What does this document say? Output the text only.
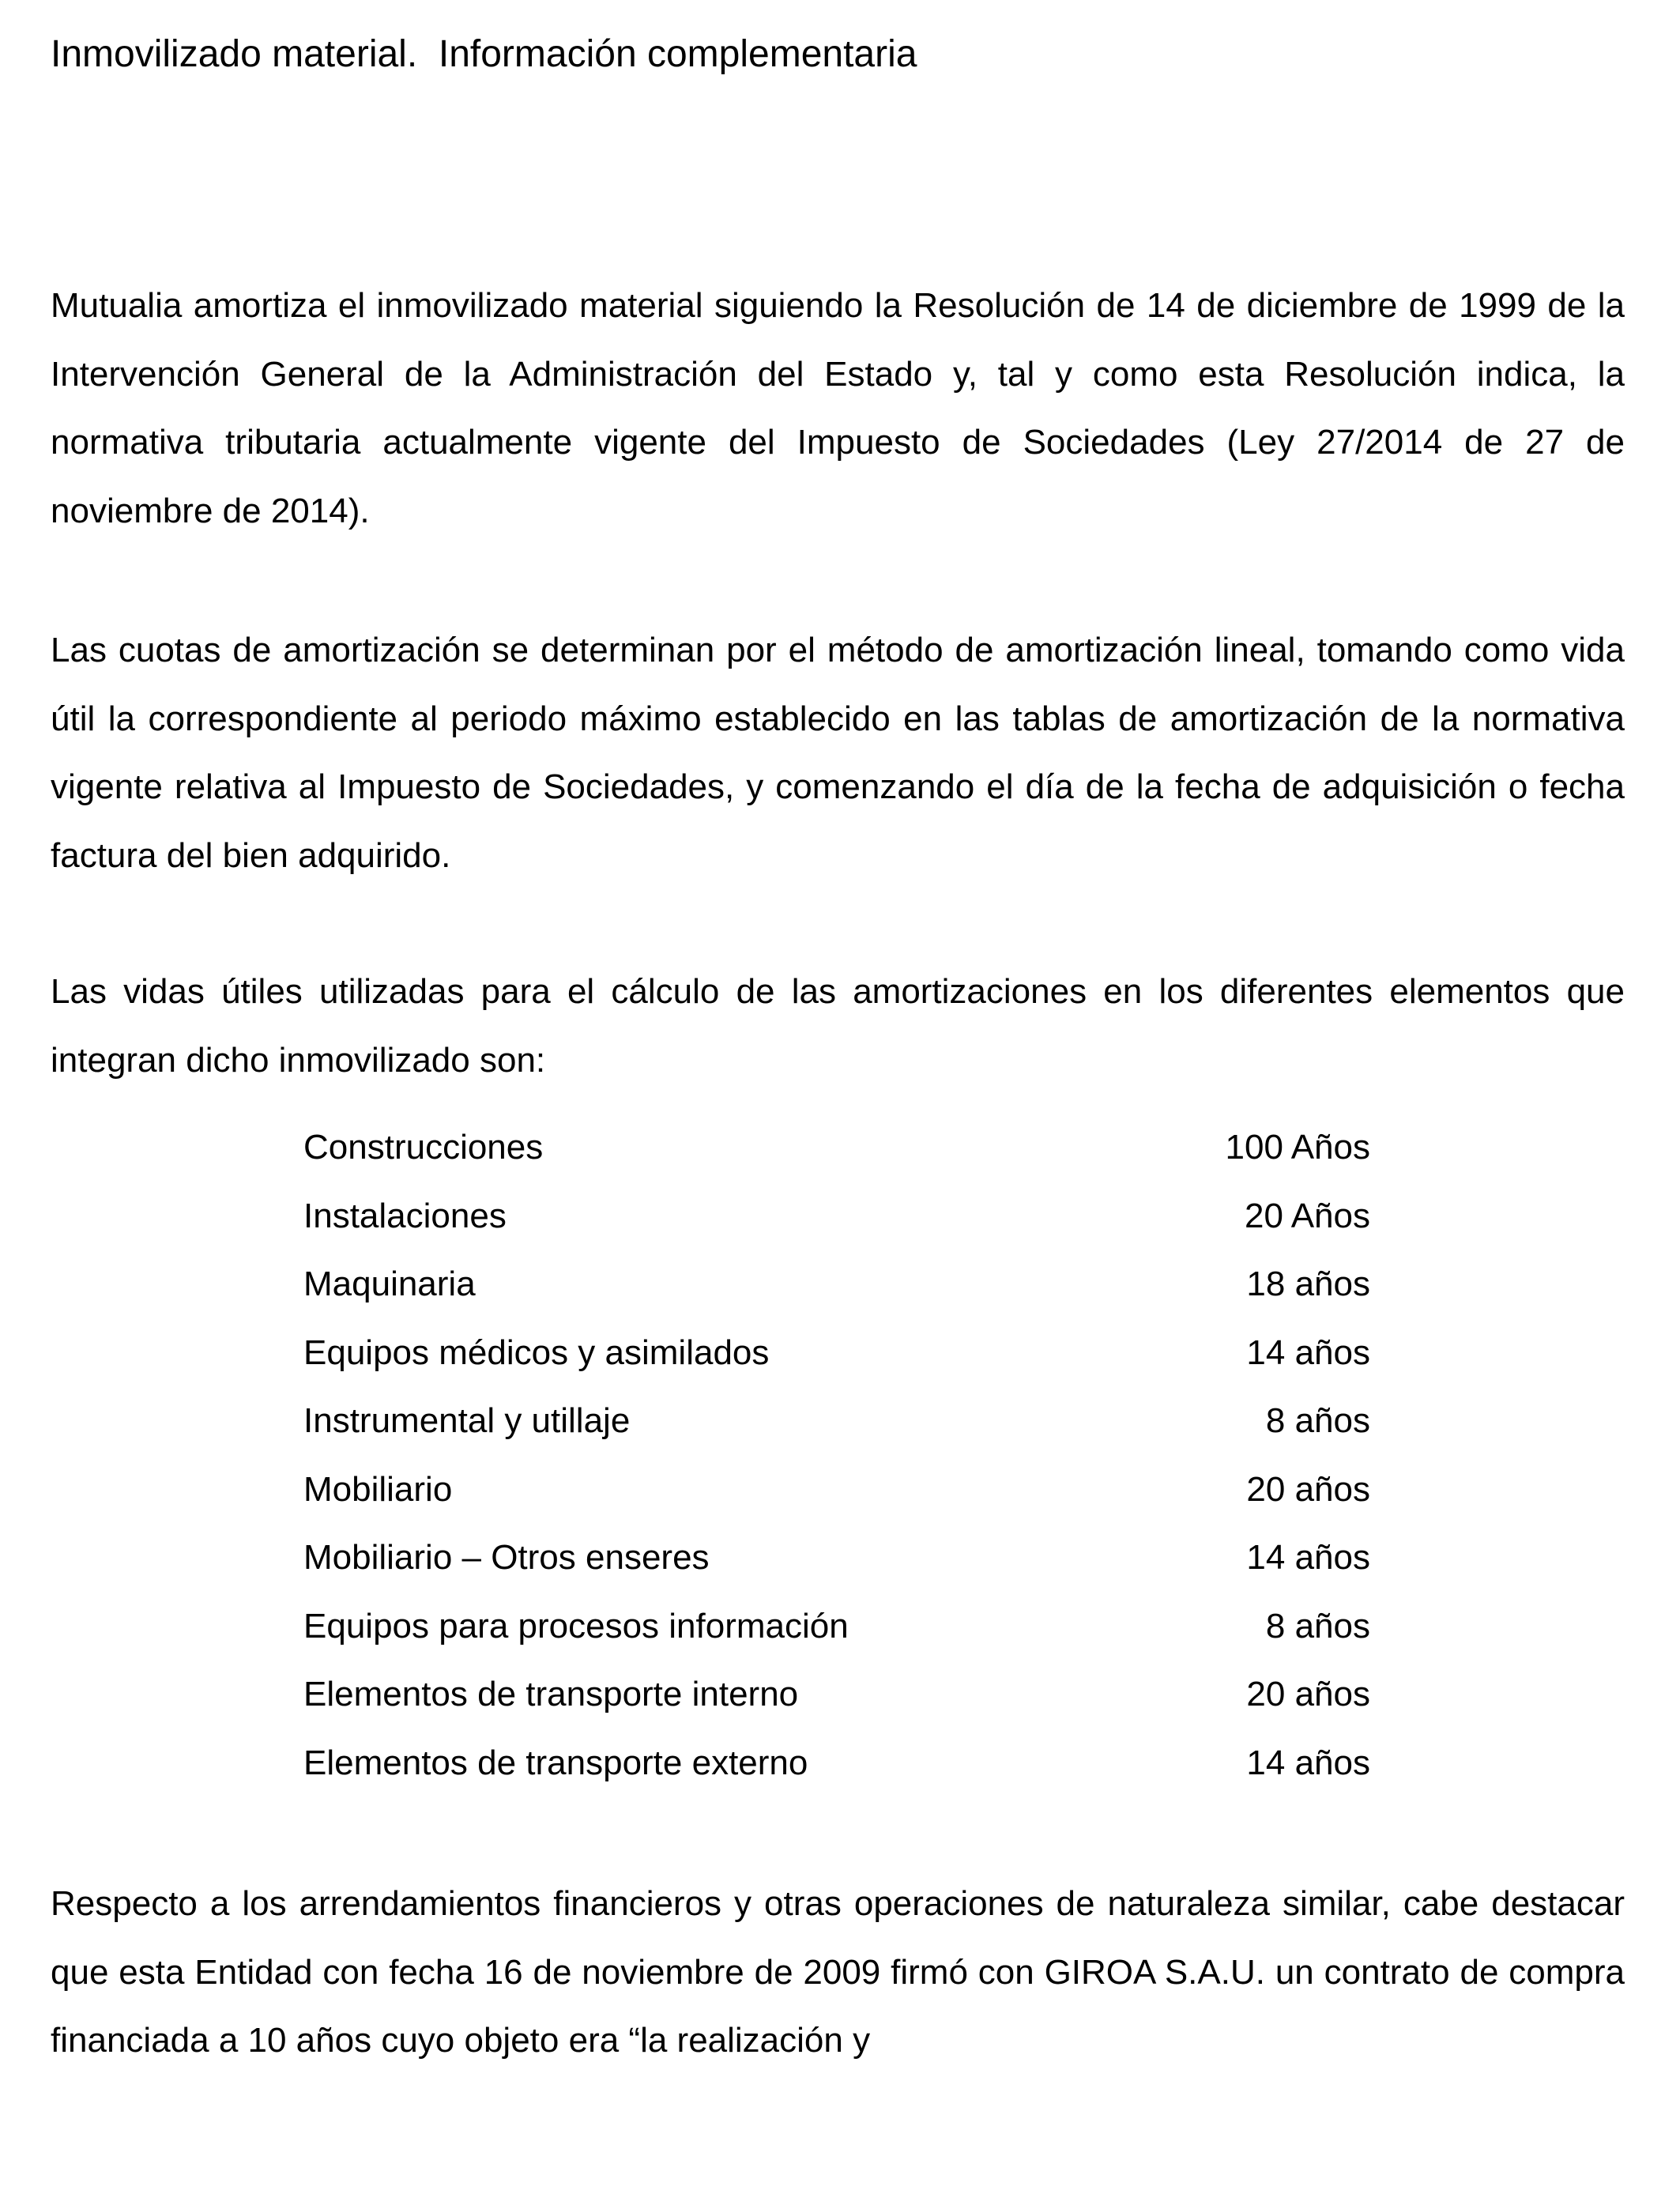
Inmovilizado material.  Información complementaria

Mutualia amortiza el inmovilizado material siguiendo la Resolución de 14 de diciembre de 1999 de la Intervención General de la Administración del Estado y, tal y como esta Resolución indica, la normativa tributaria actualmente vigente del Impuesto de Sociedades (Ley 27/2014 de 27 de noviembre de 2014).

Las cuotas de amortización se determinan por el método de amortización lineal, tomando como vida útil la correspondiente al periodo máximo establecido en las tablas de amortización de la normativa vigente relativa al Impuesto de Sociedades, y comenzando el día de la fecha de adquisición o fecha factura del bien adquirido.

Las vidas útiles utilizadas para el cálculo de las amortizaciones en los diferentes elementos que integran dicho inmovilizado son:

Construcciones	100 Años
Instalaciones	20 Años
Maquinaria	18 años
Equipos médicos y asimilados	14 años
Instrumental y utillaje	8 años
Mobiliario	20 años
Mobiliario – Otros enseres	14 años
Equipos para procesos información	8 años
Elementos de transporte interno	20 años
Elementos de transporte externo	14 años

Respecto a los arrendamientos financieros y otras operaciones de naturaleza similar, cabe destacar que esta Entidad con fecha 16 de noviembre de 2009 firmó con GIROA S.A.U. un contrato de compra financiada a 10 años cuyo objeto era “la realización y
